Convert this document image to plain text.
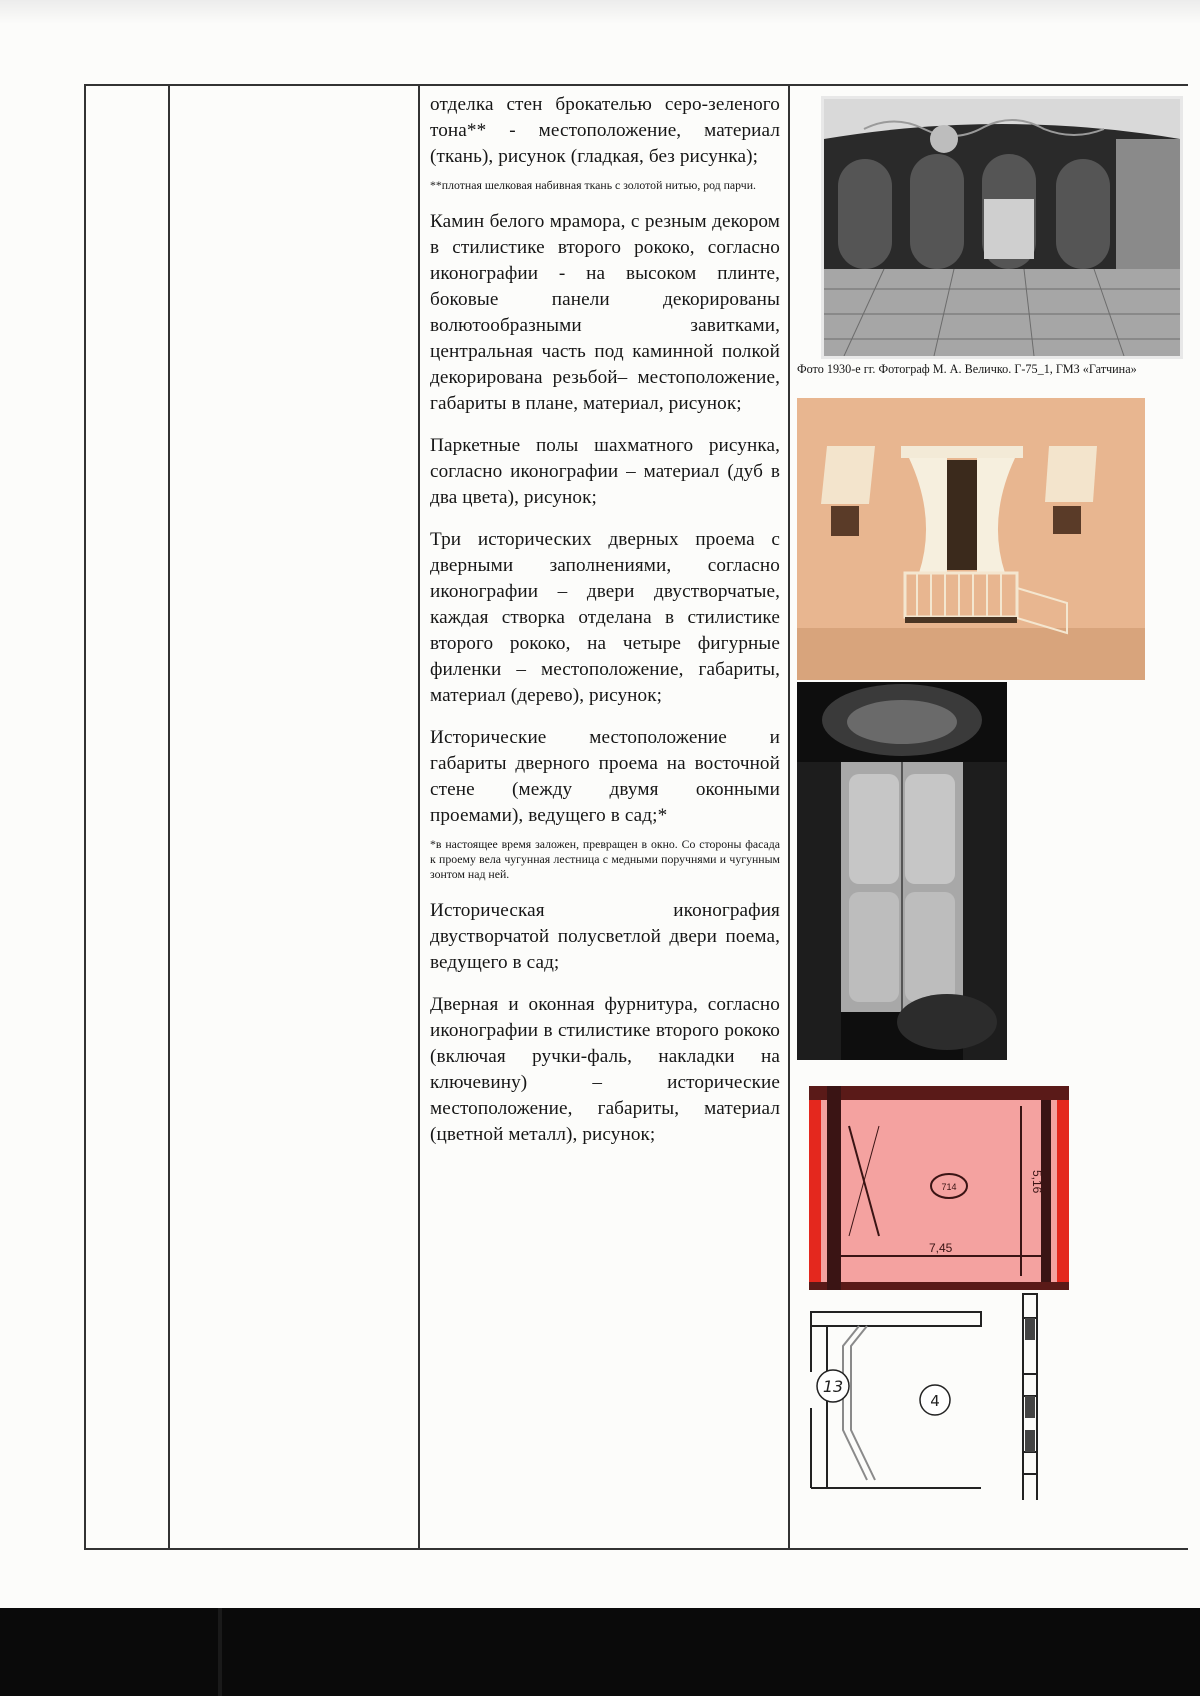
отделка стен брокателью серо-зеленого тона** - местоположение, материал (ткань), рисунок (гладкая, без рисунка);

**плотная шелковая набивная ткань с золотой нитью, род парчи.

Камин белого мрамора, с резным декором в стилистике второго рококо, согласно иконографии - на высоком плинте, боковые панели декорированы волютообразными завитками, центральная часть под каминной полкой декорирована резьбой– местоположение, габариты в плане, материал, рисунок;

Паркетные полы шахматного рисунка, согласно иконографии – материал (дуб в два цвета), рисунок;

Три исторических дверных проема с дверными заполнениями, согласно иконографии – двери двустворчатые, каждая створка отделана в стилистике второго рококо, на четыре фигурные филенки – местоположение, габариты, материал (дерево), рисунок;

Исторические местоположение и габариты дверного проема на восточной стене (между двумя оконными проемами), ведущего в сад;*

*в настоящее время заложен, превращен в окно. Со стороны фасада к проему вела чугунная лестница с медными поручнями и чугунным зонтом над ней.

Историческая иконография двустворчатой полусветлой двери поема, ведущего в сад;

Дверная и оконная фурнитура, согласно иконографии в стилистике второго рококо (включая ручки-фаль, накладки на ключевину) – исторические местоположение, габариты, материал (цветной металл), рисунок;

Фото 1930-е гг. Фотограф М. А. Величко. Г-75_1, ГМЗ «Гатчина»
714	5,16
7,45
13
4
